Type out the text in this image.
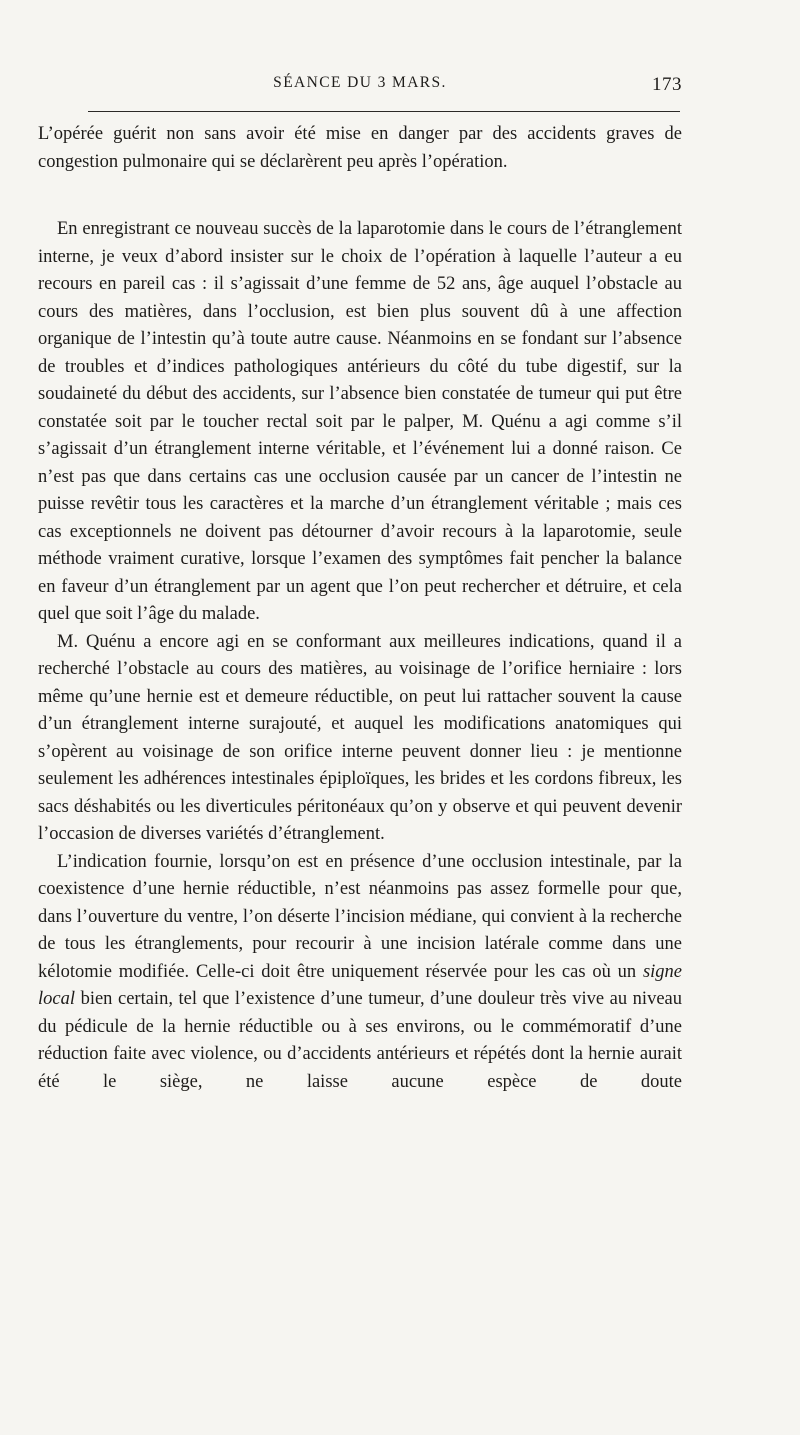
SÉANCE DU 3 MARS.	173

L’opérée guérit non sans avoir été mise en danger par des accidents graves de congestion pulmonaire qui se déclarèrent peu après l’opération.

En enregistrant ce nouveau succès de la laparotomie dans le cours de l’étranglement interne, je veux d’abord insister sur le choix de l’opération à laquelle l’auteur a eu recours en pareil cas : il s’agissait d’une femme de 52 ans, âge auquel l’obstacle au cours des matières, dans l’occlusion, est bien plus souvent dû à une affection organique de l’intestin qu’à toute autre cause. Néanmoins en se fondant sur l’absence de troubles et d’indices pathologiques antérieurs du côté du tube digestif, sur la soudaineté du début des accidents, sur l’absence bien constatée de tumeur qui put être constatée soit par le toucher rectal soit par le palper, M. Quénu a agi comme s’il s’agissait d’un étranglement interne véritable, et l’événement lui a donné raison. Ce n’est pas que dans certains cas une occlusion causée par un cancer de l’intestin ne puisse revêtir tous les caractères et la marche d’un étranglement véritable ; mais ces cas exceptionnels ne doivent pas détourner d’avoir recours à la laparotomie, seule méthode vraiment curative, lorsque l’examen des symptômes fait pencher la balance en faveur d’un étranglement par un agent que l’on peut rechercher et détruire, et cela quel que soit l’âge du malade.

M. Quénu a encore agi en se conformant aux meilleures indications, quand il a recherché l’obstacle au cours des matières, au voisinage de l’orifice herniaire : lors même qu’une hernie est et demeure réductible, on peut lui rattacher souvent la cause d’un étranglement interne surajouté, et auquel les modifications anatomiques qui s’opèrent au voisinage de son orifice interne peuvent donner lieu : je mentionne seulement les adhérences intestinales épiploïques, les brides et les cordons fibreux, les sacs déshabités ou les diverticules péritonéaux qu’on y observe et qui peuvent devenir l’occasion de diverses variétés d’étranglement.

L’indication fournie, lorsqu’on est en présence d’une occlusion intestinale, par la coexistence d’une hernie réductible, n’est néanmoins pas assez formelle pour que, dans l’ouverture du ventre, l’on déserte l’incision médiane, qui convient à la recherche de tous les étranglements, pour recourir à une incision latérale comme dans une kélotomie modifiée. Celle-ci doit être uniquement réservée pour les cas où un signe local bien certain, tel que l’existence d’une tumeur, d’une douleur très vive au niveau du pédicule de la hernie réductible ou à ses environs, ou le commémoratif d’une réduction faite avec violence, ou d’accidents antérieurs et répétés dont la hernie aurait été le siège, ne laisse aucune espèce de doute
